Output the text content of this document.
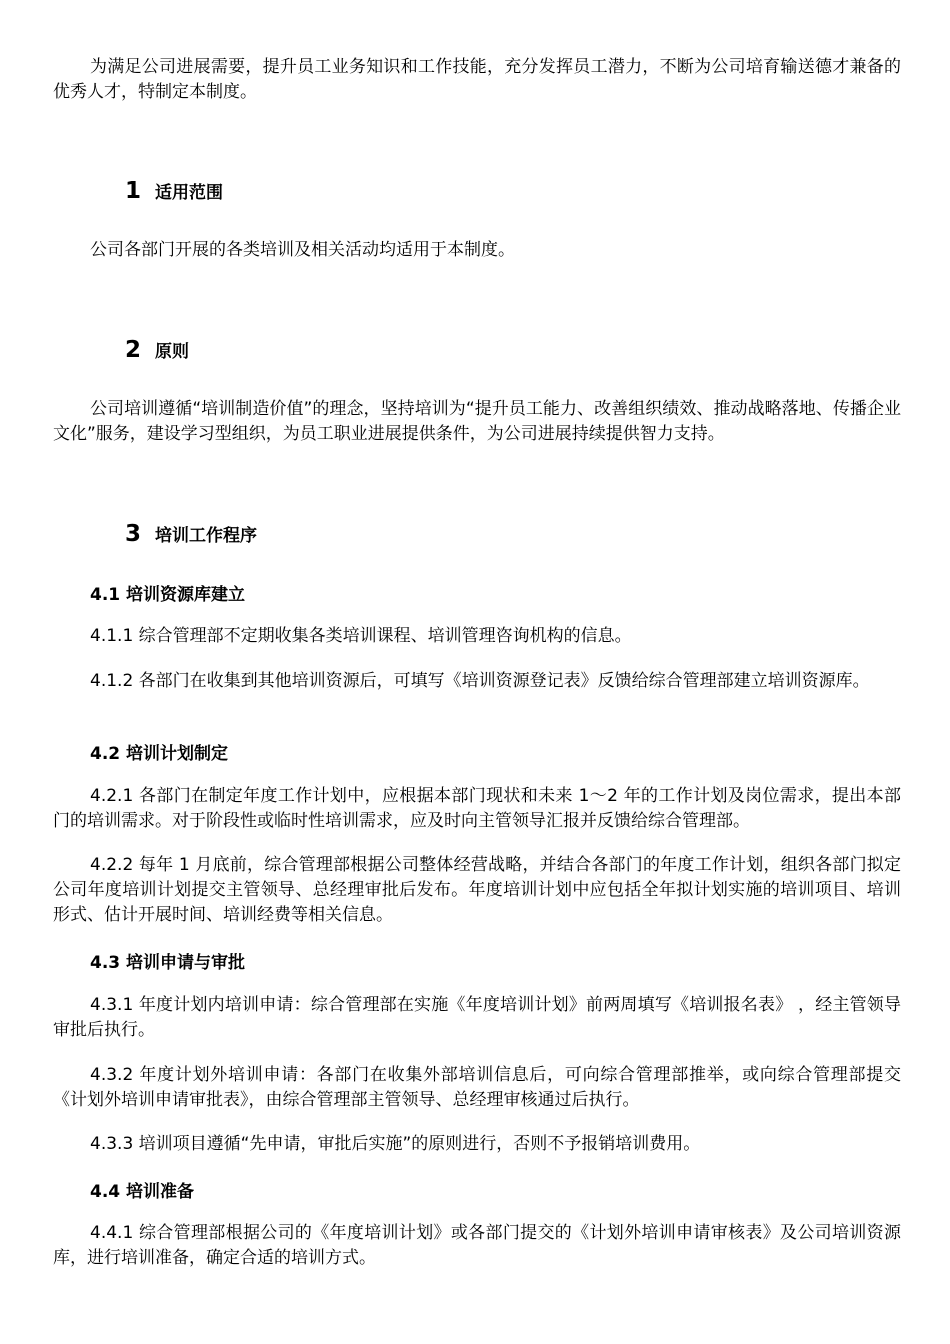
为满足公司进展需要，提升员工业务知识和工作技能，充分发挥员工潜力，不断为公司培育输送德才兼备的优秀人才，特制定本制度。

1 适用范围

公司各部门开展的各类培训及相关活动均适用于本制度。

2 原则

公司培训遵循“培训制造价值”的理念，坚持培训为“提升员工能力、改善组织绩效、推动战略落地、传播企业文化”服务，建设学习型组织，为员工职业进展提供条件，为公司进展持续提供智力支持。

3 培训工作程序
4.1 培训资源库建立

4.1.1 综合管理部不定期收集各类培训课程、培训管理咨询机构的信息。

4.1.2 各部门在收集到其他培训资源后，可填写《培训资源登记表》反馈给综合管理部建立培训资源库。

4.2 培训计划制定

4.2.1 各部门在制定年度工作计划中，应根据本部门现状和未来 1～2 年的工作计划及岗位需求，提出本部门的培训需求。对于阶段性或临时性培训需求，应及时向主管领导汇报并反馈给综合管理部。

4.2.2 每年 1 月底前，综合管理部根据公司整体经营战略，并结合各部门的年度工作计划，组织各部门拟定公司年度培训计划提交主管领导、总经理审批后发布。年度培训计划中应包括全年拟计划实施的培训项目、培训形式、估计开展时间、培训经费等相关信息。

4.3 培训申请与审批

4.3.1 年度计划内培训申请：综合管理部在实施《年度培训计划》前两周填写《培训报名表》 ，经主管领导审批后执行。

4.3.2 年度计划外培训申请：各部门在收集外部培训信息后，可向综合管理部推举，或向综合管理部提交《计划外培训申请审批表》，由综合管理部主管领导、总经理审核通过后执行。

4.3.3 培训项目遵循“先申请，审批后实施”的原则进行，否则不予报销培训费用。

4.4 培训准备

4.4.1 综合管理部根据公司的《年度培训计划》或各部门提交的《计划外培训申请审核表》及公司培训资源库，进行培训准备，确定合适的培训方式。
